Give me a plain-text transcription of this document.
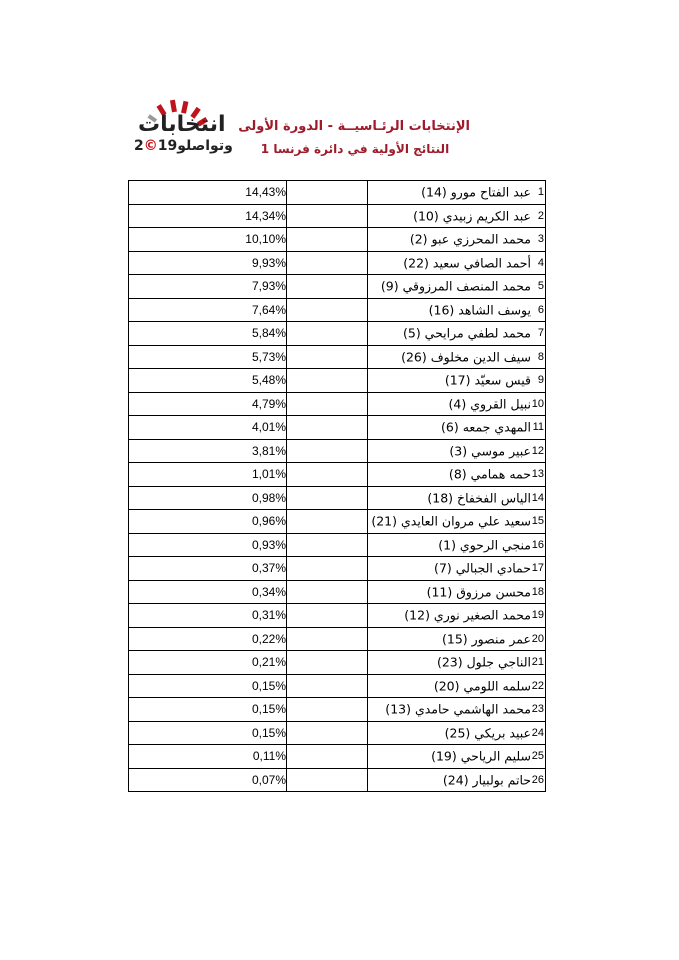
انتخابات
2©19وتواصلو
الإنتخابات الرئـاسيــة - الدورة الأولى
النتائج الأولية في دائرة فرنسا 1
14,43%		عبد الفتاح مورو (14) 1

14,34%		عبد الكريم زبيدي (10) 2

10,10%		محمد المحرزي عبو (2) 3

9,93%		أحمد الصافي سعيد (22) 4

7,93%		محمد المنصف المرزوقي (9) 5

7,64%		يوسف الشاهد (16) 6

5,84%		محمد لطفي مرايحي (5) 7

5,73%		سيف الدين مخلوف (26) 8

5,48%		قيس سعيّد (17) 9

4,79%		نبيل القروي (4) 10

4,01%		المهدي جمعه (6) 11

3,81%		عبير موسي (3) 12

1,01%		حمه همامي (8) 13

0,98%		الياس الفخفاخ (18) 14

0,96%		سعيد علي مروان العايدي (21) 15

0,93%		منجي الرحوي (1) 16

0,37%		حمادي الجبالي (7) 17

0,34%		محسن مرزوق (11) 18

0,31%		محمد الصغير نوري (12) 19

0,22%		عمر منصور (15) 20

0,21%		الناجي جلول (23) 21

0,15%		سلمه اللومي (20) 22

0,15%		محمد الهاشمي حامدي (13) 23

0,15%		عبيد بريكي (25) 24

0,11%		سليم الرياحي (19) 25

0,07%		حاتم بولبيار (24) 26
